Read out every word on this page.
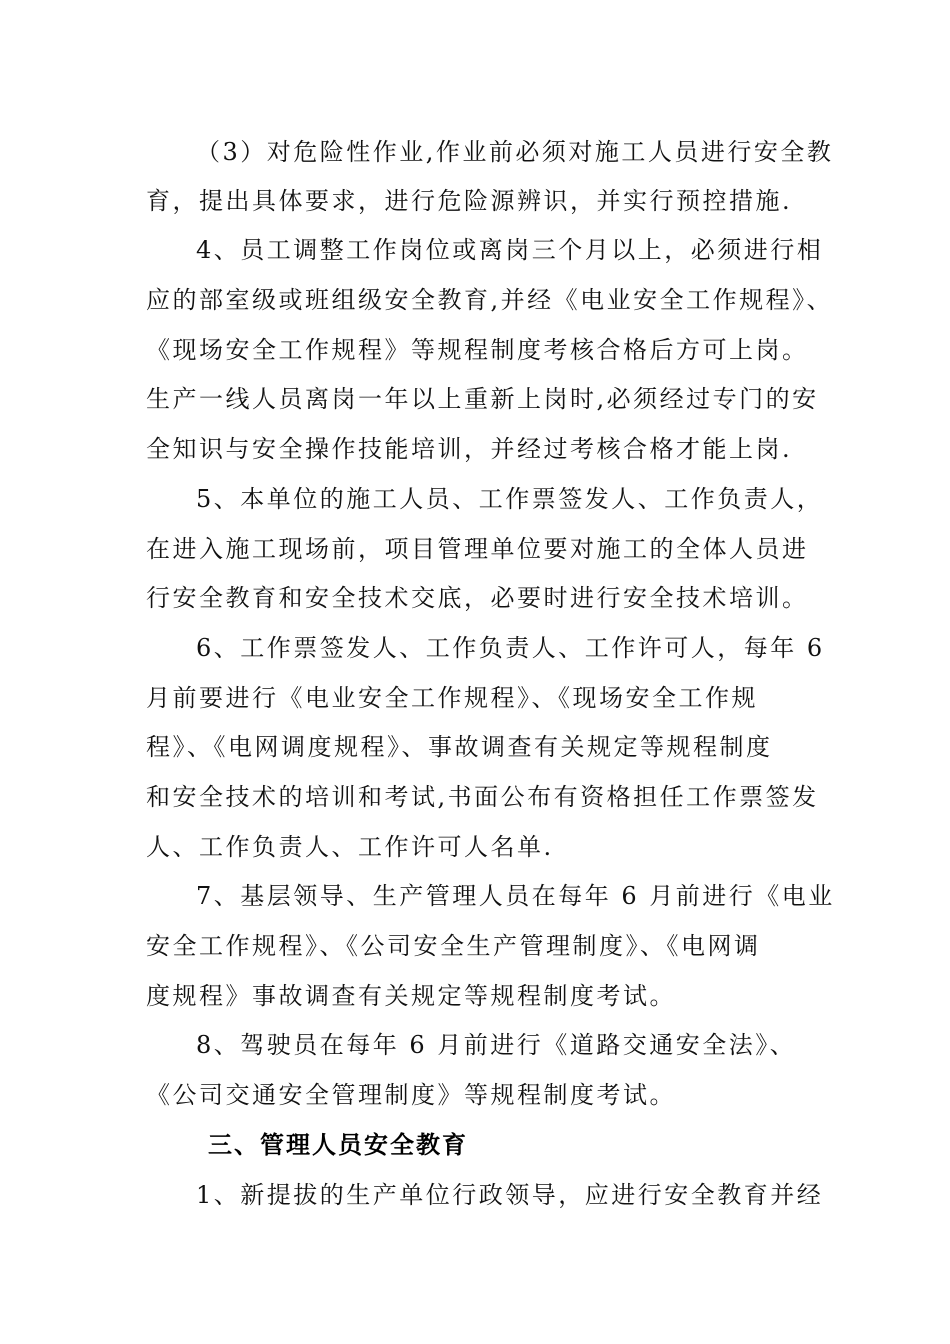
（3）对危险性作业,作业前必须对施工人员进行安全教
育，提出具体要求，进行危险源辨识，并实行预控措施.
4、员工调整工作岗位或离岗三个月以上，必须进行相
应的部室级或班组级安全教育,并经《电业安全工作规程》、
《现场安全工作规程》等规程制度考核合格后方可上岗。
生产一线人员离岗一年以上重新上岗时,必须经过专门的安
全知识与安全操作技能培训，并经过考核合格才能上岗.
5、本单位的施工人员、工作票签发人、工作负责人，
在进入施工现场前，项目管理单位要对施工的全体人员进
行安全教育和安全技术交底，必要时进行安全技术培训。
6、工作票签发人、工作负责人、工作许可人，每年 6
月前要进行《电业安全工作规程》、《现场安全工作规
程》、《电网调度规程》、事故调查有关规定等规程制度
和安全技术的培训和考试,书面公布有资格担任工作票签发
人、工作负责人、工作许可人名单.
7、基层领导、生产管理人员在每年 6 月前进行《电业
安全工作规程》、《公司安全生产管理制度》、《电网调
度规程》事故调查有关规定等规程制度考试。
8、驾驶员在每年 6 月前进行《道路交通安全法》、
《公司交通安全管理制度》等规程制度考试。
三、管理人员安全教育
1、新提拔的生产单位行政领导，应进行安全教育并经
